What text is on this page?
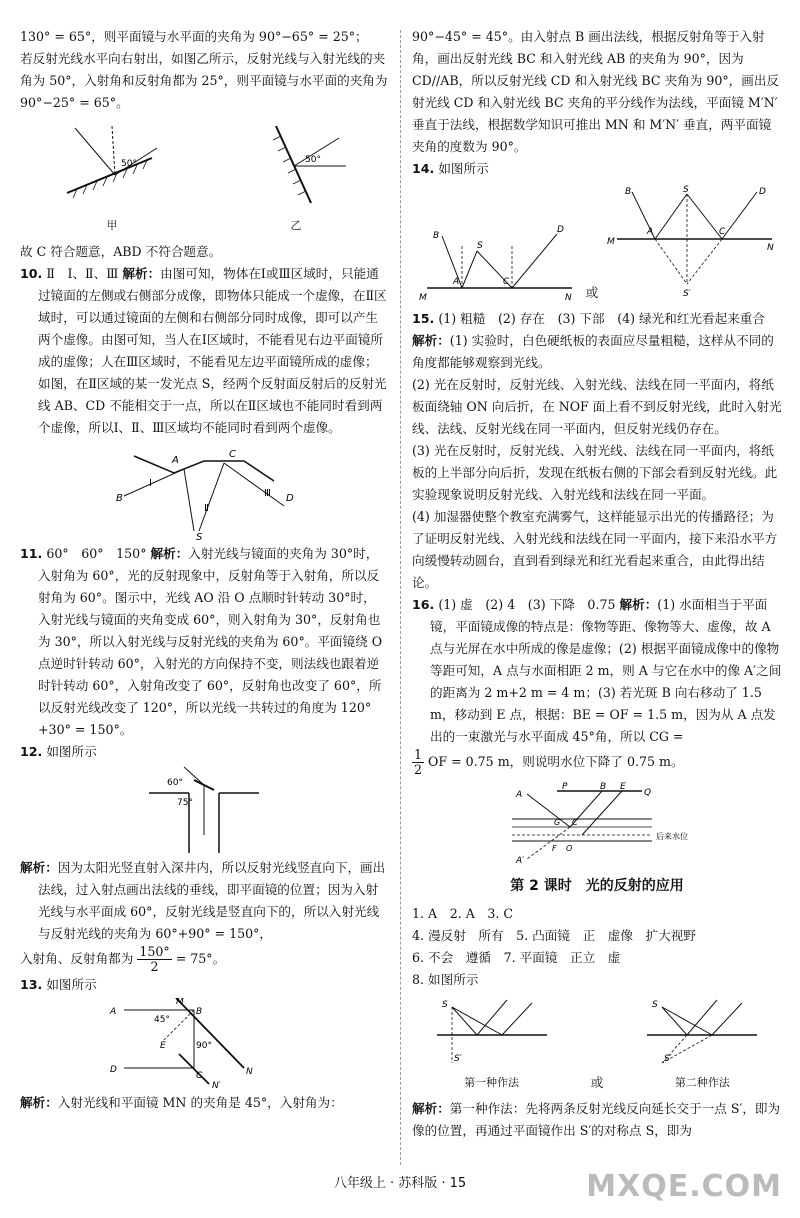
130° = 65°，则平面镜与水平面的夹角为 90°−65° = 25°；

若反射光线水平向右射出，如图乙所示，反射光线与入射光线的夹角为 50°，入射角和反射角都为 25°，则平面镜与水平面的夹角为 90°−25° = 65°。

50°
甲
50°
乙

故 C 符合题意，ABD 不符合题意。

10. Ⅱ　Ⅰ、Ⅱ、Ⅲ 解析：由图可知，物体在Ⅰ或Ⅲ区域时，只能通过镜面的左侧或右侧部分成像，即物体只能成一个虚像，在Ⅱ区域时，可以通过镜面的左侧和右侧部分同时成像，即可以产生两个虚像。由图可知，当人在Ⅰ区域时，不能看见右边平面镜所成的虚像；人在Ⅲ区域时，不能看见左边平面镜所成的虚像；如图，在Ⅱ区域的某一发光点 S，经两个反射面反射后的反射光线 AB、CD 不能相交于一点，所以在Ⅱ区域也不能同时看到两个虚像，所以Ⅰ、Ⅱ、Ⅲ区域均不能同时看到两个虚像。

A
C
B	D
Ⅰ
Ⅱ
Ⅲ
S

11. 60°　60°　150° 解析：入射光线与镜面的夹角为 30°时，入射角为 60°，光的反射现象中，反射角等于入射角，所以反射角为 60°。图示中，光线 AO 沿 O 点顺时针转动 30°时，入射光线与镜面的夹角变成 60°，则入射角为 30°，反射角也为 30°，所以入射光线与反射光线的夹角为 60°。平面镜绕 O 点逆时针转动 60°，入射光的方向保持不变，则法线也跟着逆时针转动 60°，入射角改变了 60°，反射角也改变了 60°，所以反射光线改变了 120°，所以光线一共转过的角度为 120°+30° = 150°。

12. 如图所示

60°
75°

解析：因为太阳光竖直射入深井内，所以反射光线竖直向下，画出法线，过入射点画出法线的垂线，即平面镜的位置；因为入射光线与水平面成 60°，反射光线是竖直向下的，所以入射光线与反射光线的夹角为 60°+90° = 150°，

入射角、反射角都为 $\frac{150^\circ}{2} = 75^\circ$。

13. 如图所示

A	B
M
45°
E	90°
D
C	N
N′

解析：入射光线和平面镜 MN 的夹角是 45°，入射角为：

90°−45° = 45°。由入射点 B 画出法线，根据反射角等于入射角，画出反射光线 BC 和入射光线 AB 的夹角为 90°，因为 CD//AB，所以反射光线 CD 和入射光线 BC 夹角为 90°，画出反射光线 CD 和入射光线 BC 夹角的平分线作为法线，平面镜 M′N′ 垂直于法线，根据数学知识可推出 MN 和 M′N′ 垂直，两平面镜夹角的度数为 90°。

14. 如图所示

B
S
A	C
D
M	N 或
B	S
A	C
D
M
N
S′

15. (1) 粗糙　(2) 存在　(3) 下部　(4) 绿光和红光看起来重合

解析：(1) 实验时，白色硬纸板的表面应尽量粗糙，这样从不同的角度都能够观察到光线。

(2) 光在反射时，反射光线、入射光线、法线在同一平面内，将纸板面绕轴 ON 向后折，在 NOF 面上看不到反射光线，此时入射光线、法线、反射光线在同一平面内，但反射光线仍存在。

(3) 光在反射时，反射光线、入射光线、法线在同一平面内，将纸板的上半部分向后折，发现在纸板右侧的下部会看到反射光线。此实验现象说明反射光线、入射光线和法线在同一平面。

(4) 加湿器使整个教室充满雾气，这样能显示出光的传播路径；为了证明反射光线、入射光线和法线在同一平面内，接下来沿水平方向缓慢转动圆台，直到看到绿光和红光看起来重合，由此得出结论。

16. (1) 虚　(2) 4　(3) 下降　0.75 解析：(1) 水面相当于平面镜，平面镜成像的特点是：像物等距、像物等大、虚像，故 A 点与光屏在水中所成的像是虚像；(2) 根据平面镜成像中的像物等距可知，A 点与水面相距 2 m，则 A 与它在水中的像 A′之间的距离为 2 m+2 m = 4 m；(3) 若光斑 B 向右移动了 1.5 m，移动到 E 点，根据：BE = OF = 1.5 m，因为从 A 点发出的一束激光与水平面成 45°角，所以 CG =

$\frac{1}{2}$ OF = 0.75 m，则说明水位下降了 0.75 m。

P	B E
Q
A
G C
后来水位
F O
A′
第 2 课时　光的反射的应用

1. A　2. A　3. C

4. 漫反射　所有　5. 凸面镜　正　虚像　扩大视野

6. 不会　遵循　7. 平面镜　正立　虚

8. 如图所示

S
S′
第一种作法	或
S
S′
第二种作法

解析：第一种作法：先将两条反射光线反向延长交于一点 S′，即为像的位置，再通过平面镜作出 S′的对称点 S，即为

八年级上 · 苏科版 · 15	MXQE.COM
